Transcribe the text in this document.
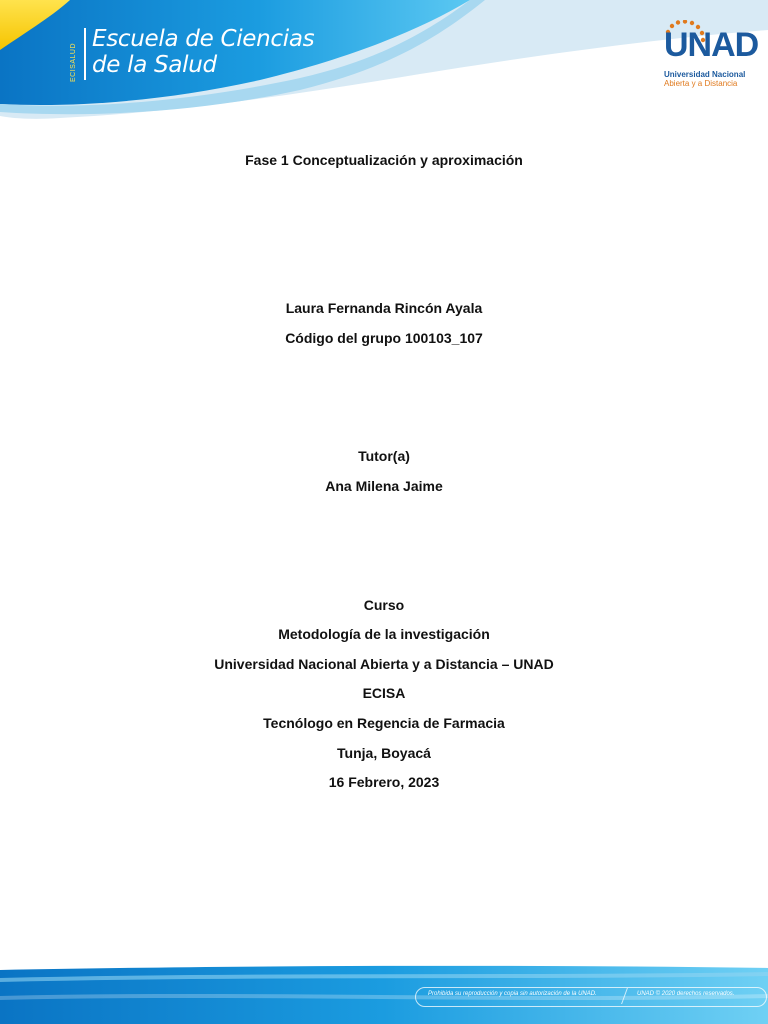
ECISALUD
Escuela de Ciencias
de la Salud
UNAD
Universidad Nacional
Abierta y a Distancia
Fase 1 Conceptualización y aproximación
Laura Fernanda Rincón Ayala
Código del grupo 100103_107
Tutor(a)
Ana Milena Jaime
Curso
Metodología de la investigación
Universidad Nacional Abierta y a Distancia – UNAD
ECISA
Tecnólogo en Regencia de Farmacia
Tunja, Boyacá
16 Febrero, 2023
Prohibida su reproducción y copia sin autorización de la UNAD.	UNAD © 2020 derechos reservados.
